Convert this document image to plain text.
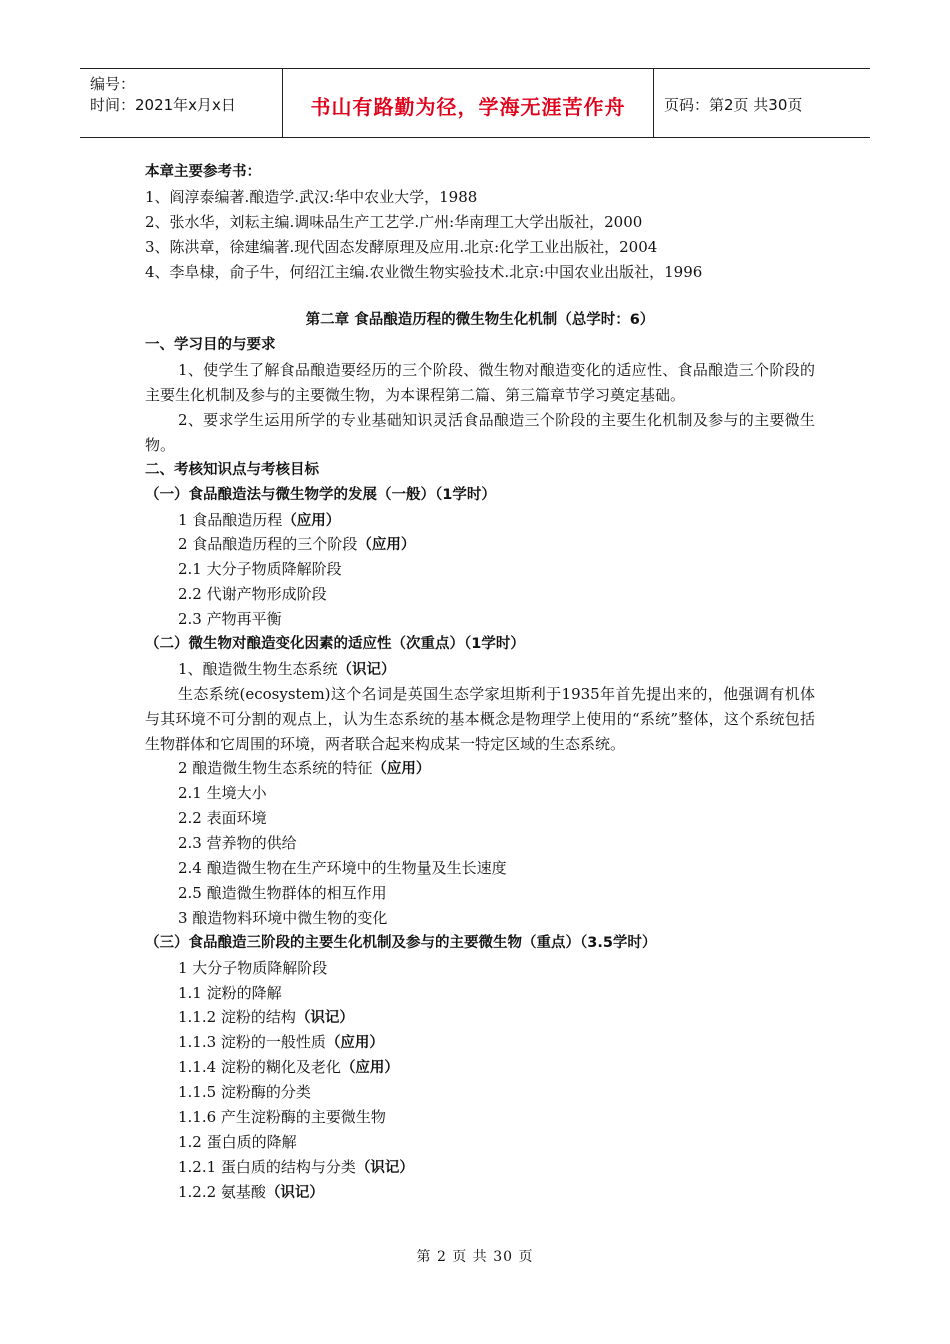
编号：
时间：2021年x月x日	书山有路勤为径，学海无涯苦作舟	页码：第2页 共30页
本章主要参考书：
1、阎淳泰编著.酿造学.武汉:华中农业大学，1988
2、张水华，刘耘主编.调味品生产工艺学.广州:华南理工大学出版社，2000
3、陈洪章，徐建编著.现代固态发酵原理及应用.北京:化学工业出版社，2004
4、李阜棣，俞子牛，何绍江主编.农业微生物实验技术.北京:中国农业出版社，1996
第二章 食品酿造历程的微生物生化机制（总学时：6）
一、学习目的与要求
1、使学生了解食品酿造要经历的三个阶段、微生物对酿造变化的适应性、食品酿造三个阶段的主要生化机制及参与的主要微生物，为本课程第二篇、第三篇章节学习奠定基础。
2、要求学生运用所学的专业基础知识灵活食品酿造三个阶段的主要生化机制及参与的主要微生物。
二、考核知识点与考核目标
（一）食品酿造法与微生物学的发展（一般）（1学时）
1 食品酿造历程（应用）
2 食品酿造历程的三个阶段（应用）
2.1 大分子物质降解阶段
2.2 代谢产物形成阶段
2.3 产物再平衡
（二）微生物对酿造变化因素的适应性（次重点）（1学时）
1、酿造微生物生态系统（识记）
生态系统(ecosystem)这个名词是英国生态学家坦斯利于1935年首先提出来的，他强调有机体与其环境不可分割的观点上，认为生态系统的基本概念是物理学上使用的“系统”整体，这个系统包括生物群体和它周围的环境，两者联合起来构成某一特定区域的生态系统。
2 酿造微生物生态系统的特征（应用）
2.1 生境大小
2.2 表面环境
2.3 营养物的供给
2.4 酿造微生物在生产环境中的生物量及生长速度
2.5 酿造微生物群体的相互作用
3 酿造物料环境中微生物的变化
（三）食品酿造三阶段的主要生化机制及参与的主要微生物（重点）（3.5学时）
1 大分子物质降解阶段
1.1 淀粉的降解
1.1.2 淀粉的结构（识记）
1.1.3 淀粉的一般性质（应用）
1.1.4 淀粉的糊化及老化（应用）
1.1.5 淀粉酶的分类
1.1.6 产生淀粉酶的主要微生物
1.2 蛋白质的降解
1.2.1 蛋白质的结构与分类（识记）
1.2.2 氨基酸（识记）
第 2 页 共 30 页
